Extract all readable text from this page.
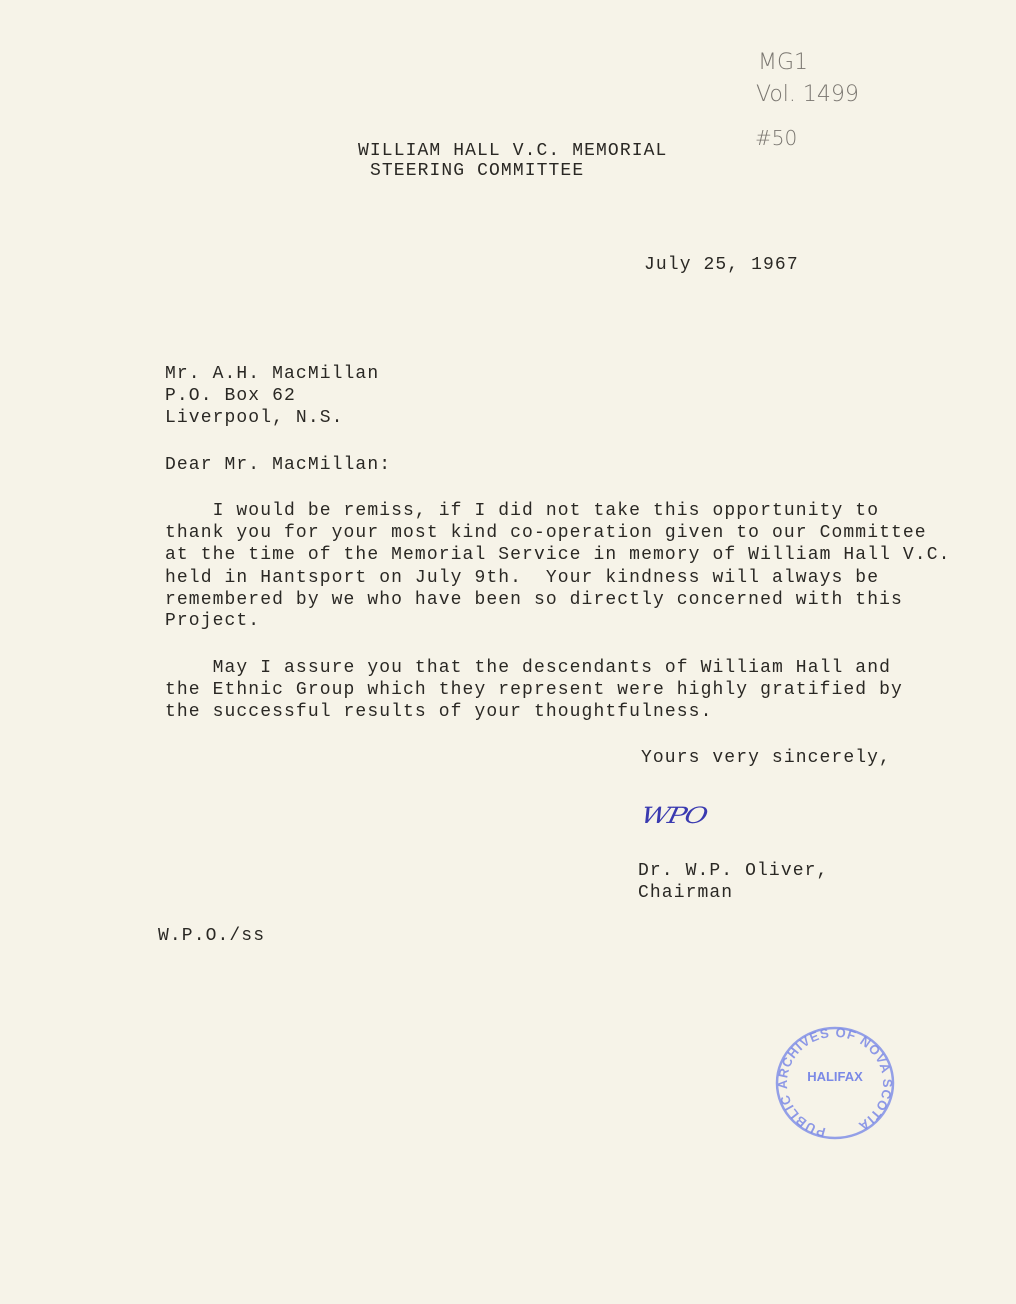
MG1
Vol. 1499
#50
WILLIAM HALL V.C. MEMORIAL
STEERING COMMITTEE
July 25, 1967
Mr. A.H. MacMillan
P.O. Box 62
Liverpool, N.S.
Dear Mr. MacMillan:
I would be remiss, if I did not take this opportunity to
thank you for your most kind co-operation given to our Committee
at the time of the Memorial Service in memory of William Hall V.C.
held in Hantsport on July 9th.  Your kindness will always be
remembered by we who have been so directly concerned with this
Project.
May I assure you that the descendants of William Hall and
the Ethnic Group which they represent were highly gratified by
the successful results of your thoughtfulness.
Yours very sincerely,
WPO
Dr. W.P. Oliver,
Chairman
W.P.O./ss
PUBLIC ARCHIVES OF NOVA SCOTIA
HALIFAX
